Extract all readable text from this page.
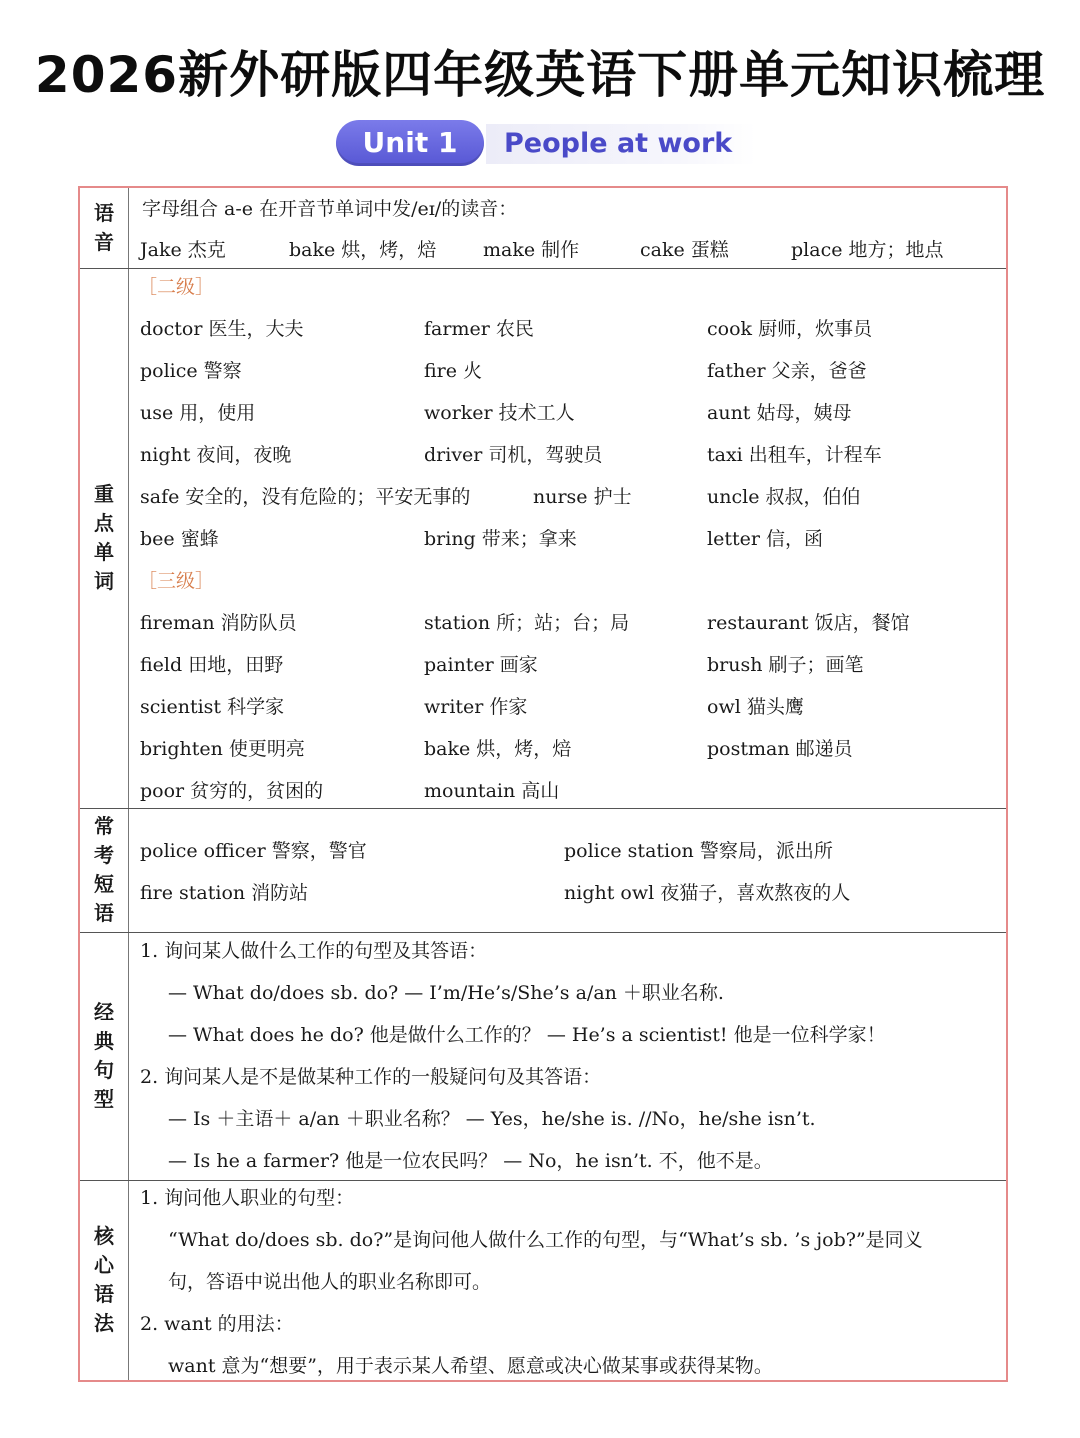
2026新外研版四年级英语下册单元知识梳理
Unit 1	People at work
语
音
字母组合 a-e 在开音节单词中发/eɪ/的读音：
Jake 杰克	bake 烘，烤，焙 make 制作	cake 蛋糕	place 地方；地点
重
点
单
词
［二级］
doctor 医生，大夫	farmer 农民	cook 厨师，炊事员
police 警察	fire 火	father 父亲，爸爸
use 用，使用	worker 技术工人	aunt 姑母，姨母
night 夜间，夜晚	driver 司机，驾驶员	taxi 出租车，计程车
safe 安全的，没有危险的；平安无事的	nurse 护士	uncle 叔叔，伯伯
bee 蜜蜂	bring 带来；拿来	letter 信，函
［三级］
fireman 消防队员	station 所；站；台；局	restaurant 饭店，餐馆
field 田地，田野	painter 画家	brush 刷子；画笔
scientist 科学家	writer 作家	owl 猫头鹰
brighten 使更明亮	bake 烘，烤，焙	postman 邮递员
poor 贫穷的，贫困的	mountain 高山
常
考
短
语
police officer 警察，警官	police station 警察局，派出所
fire station 消防站	night owl 夜猫子，喜欢熬夜的人
经
典
句
型
1. 询问某人做什么工作的句型及其答语：
— What do/does sb. do? — I’m/He’s/She’s a/an ＋职业名称.
— What does he do? 他是做什么工作的？ — He’s a scientist! 他是一位科学家！
2. 询问某人是不是做某种工作的一般疑问句及其答语：
— Is ＋主语＋ a/an ＋职业名称？ — Yes，he/she is. //No，he/she isn’t.
— Is he a farmer? 他是一位农民吗？ — No，he isn’t. 不，他不是。
核
心
语
法
1. 询问他人职业的句型：
“What do/does sb. do?”是询问他人做什么工作的句型，与“What’s sb. ’s job?”是同义
句，答语中说出他人的职业名称即可。
2. want 的用法：
want 意为“想要”，用于表示某人希望、愿意或决心做某事或获得某物。
